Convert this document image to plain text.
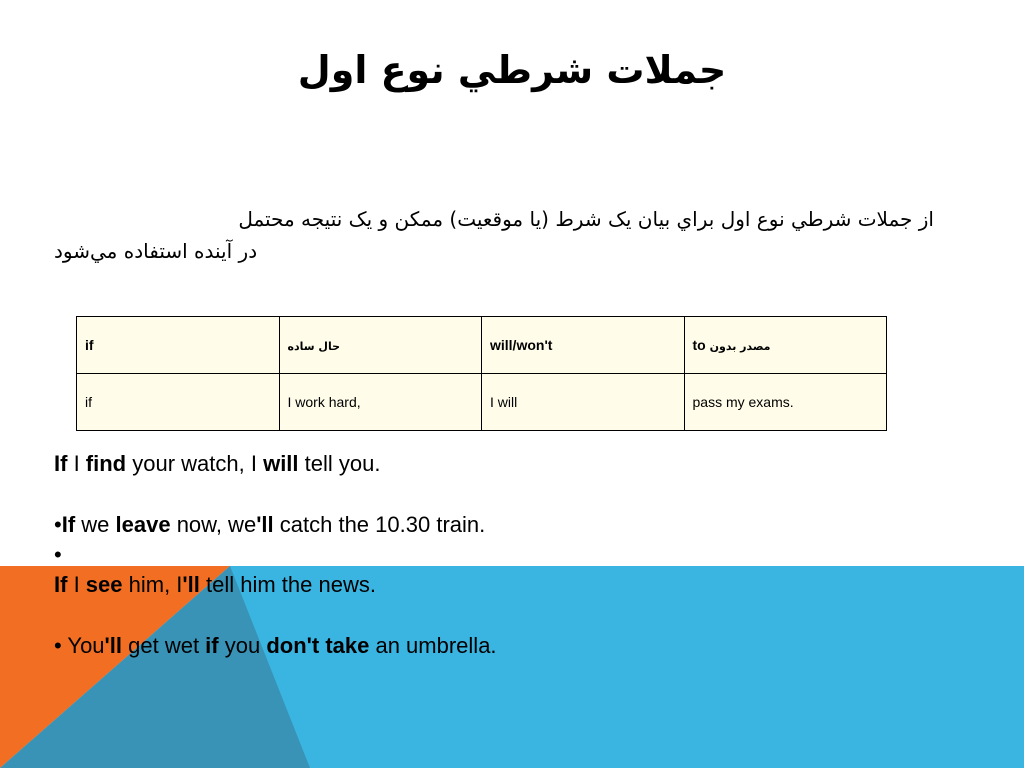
جملات شرطي نوع اول
از جملات شرطي نوع اول براي بيان يک شرط (يا موقعيت) ممکن و يک نتيجه محتمل
در آينده استفاده مي‌شود
if	حال ساده	will/won't	to مصدر بدون
if	I work hard,	I will	pass my exams.

If I find your watch, I will tell you.

•If we leave now, we'll catch the 10.30 train.

•

If I see him, I'll tell him the news.

• You'll get wet if you don't take an umbrella.
